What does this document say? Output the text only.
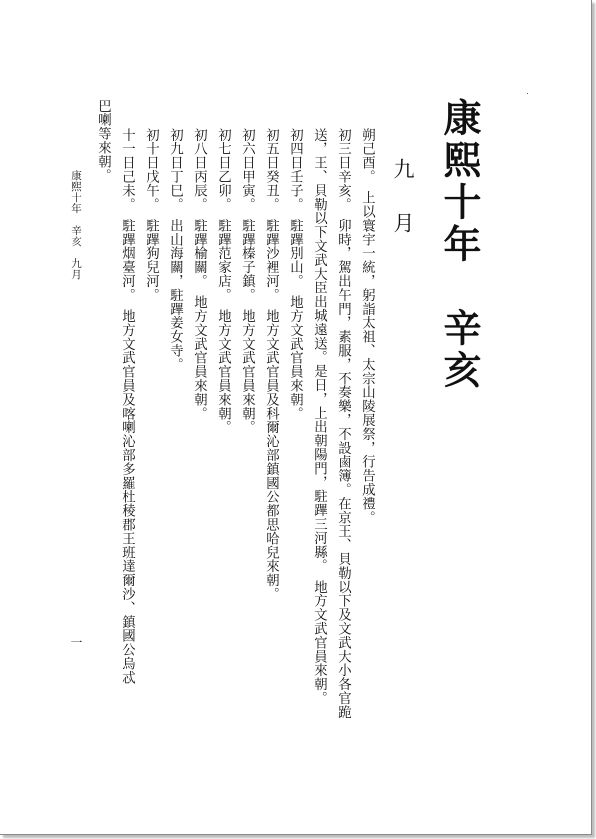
康熙十年　辛亥
九　月
朔己酉。　上以寰宇一統，躬詣太祖、太宗山陵展祭，行告成禮。
初三日辛亥。　卯時，駕出午門，素服，不奏樂，不設鹵簿。在京王、貝勒以下及文武大小各官跪
送，王、貝勒以下文武大臣出城遠送。是日，上出朝陽門，駐蹕三河縣。　地方文武官員來朝。
初四日壬子。　駐蹕別山。　地方文武官員來朝。
初五日癸丑。　駐蹕沙裡河。　地方文武官員及科爾沁部鎮國公都思哈兒來朝。
初六日甲寅。　駐蹕榛子鎮。　地方文武官員來朝。
初七日乙卯。　駐蹕范家店。　地方文武官員來朝。
初八日丙辰。　駐蹕榆關。　地方文武官員來朝。
初九日丁巳。　出山海關，駐蹕姜女寺。
初十日戊午。　駐蹕狗兒河。
十一日己未。　駐蹕烟臺河。　地方文武官員及喀喇沁部多羅杜稜郡王班達爾沙、鎮國公烏忒
巴喇等來朝。
康熙十年　辛亥　九月
一
